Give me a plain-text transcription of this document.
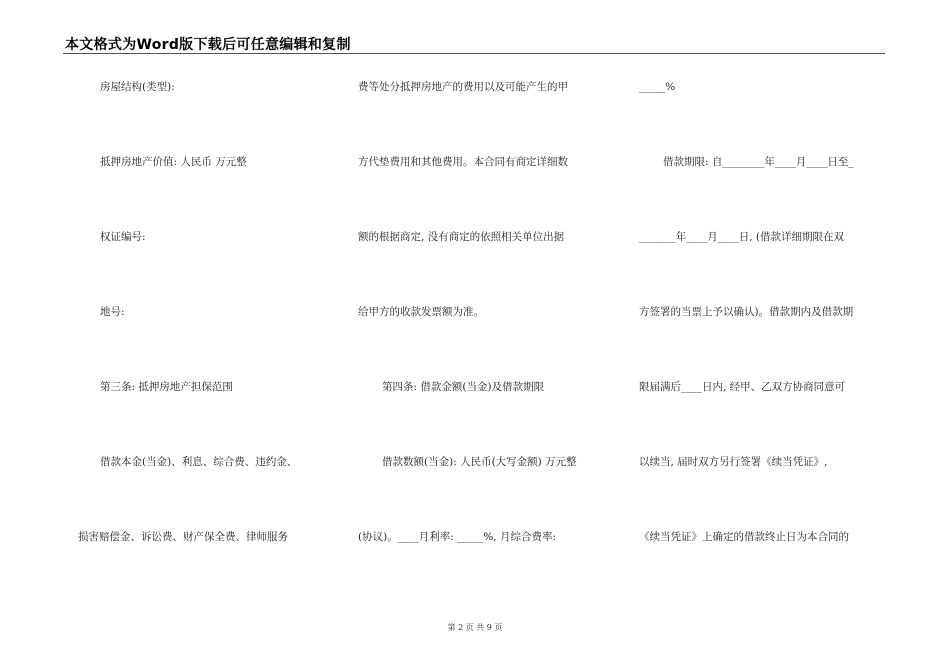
本文格式为Word版下载后可任意编辑和复制
房屋结构(类型):
抵押房地产价值: 人民币 万元整
权证编号:
地号:
第三条: 抵押房地产担保范围
借款本金(当金)、利息、综合费、违约金、
损害赔偿金、诉讼费、财产保全费、律师服务
费等处分抵押房地产的费用以及可能产生的甲
方代垫费用和其他费用。本合同有商定详细数
额的根据商定, 没有商定的依照相关单位出据
给甲方的收款发票额为准。
第四条: 借款金额(当金)及借款期限
借款数额(当金): 人民币(大写金额) 万元整
(协议)。____月利率: _____%, 月综合费率:
_____%
借款期限: 自________年____月____日至_
_______年____月____日, (借款详细期限在双
方签署的当票上予以确认)。借款期内及借款期
限届满后____日内, 经甲、乙双方协商同意可
以续当, 届时双方另行签署《续当凭证》,
《续当凭证》上确定的借款终止日为本合同的
第 2 页 共 9 页
